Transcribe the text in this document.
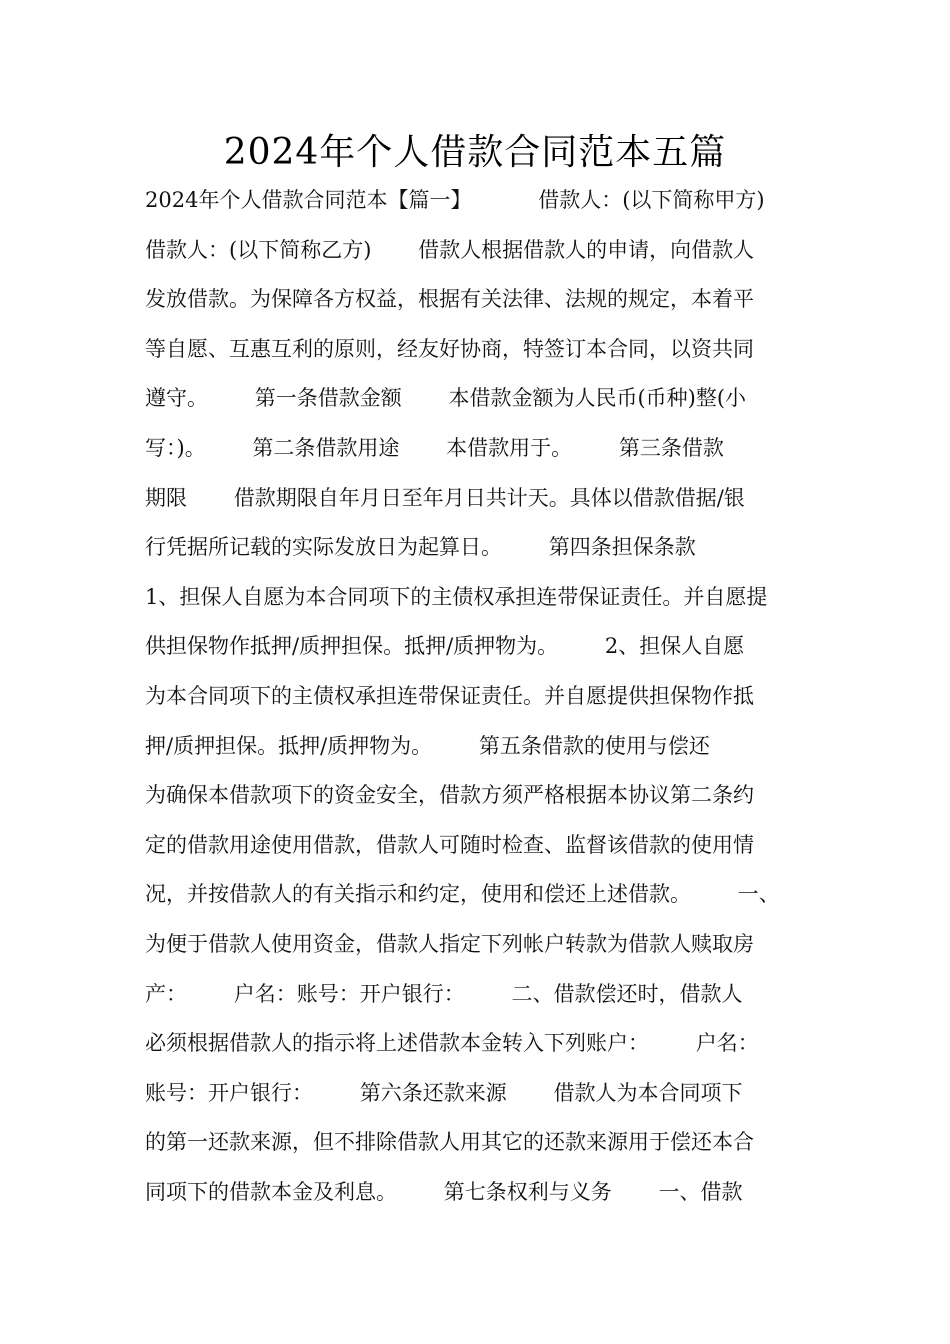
2024年个人借款合同范本五篇
2024年个人借款合同范本【篇一】          借款人：(以下简称甲方)
借款人：(以下简称乙方)       借款人根据借款人的申请，向借款人
发放借款。为保障各方权益，根据有关法律、法规的规定，本着平
等自愿、互惠互利的原则，经友好协商，特签订本合同，以资共同
遵守。       第一条借款金额       本借款金额为人民币(币种)整(小
写：)。       第二条借款用途       本借款用于。       第三条借款
期限       借款期限自年月日至年月日共计天。具体以借款借据/银
行凭据所记载的实际发放日为起算日。       第四条担保条款
1、担保人自愿为本合同项下的主债权承担连带保证责任。并自愿提
供担保物作抵押/质押担保。抵押/质押物为。       2、担保人自愿
为本合同项下的主债权承担连带保证责任。并自愿提供担保物作抵
押/质押担保。抵押/质押物为。       第五条借款的使用与偿还
为确保本借款项下的资金安全，借款方须严格根据本协议第二条约
定的借款用途使用借款，借款人可随时检查、监督该借款的使用情
况，并按借款人的有关指示和约定，使用和偿还上述借款。       一、
为便于借款人使用资金，借款人指定下列帐户转款为借款人赎取房
产：       户名：账号：开户银行：       二、借款偿还时，借款人
必须根据借款人的指示将上述借款本金转入下列账户：       户名：
账号：开户银行：       第六条还款来源       借款人为本合同项下
的第一还款来源，但不排除借款人用其它的还款来源用于偿还本合
同项下的借款本金及利息。       第七条权利与义务       一、借款
